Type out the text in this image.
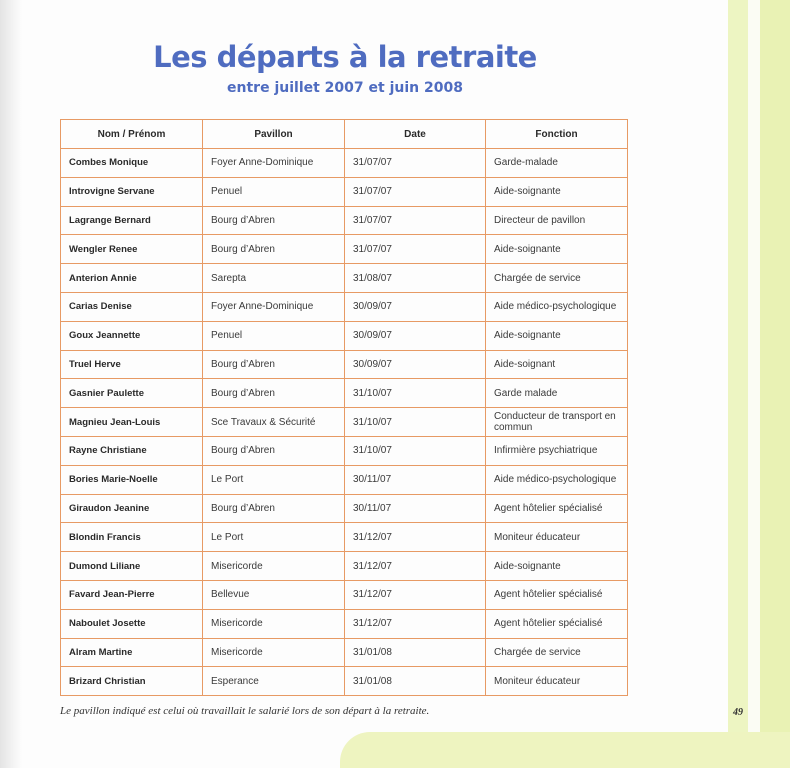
Les départs à la retraite
entre juillet 2007 et juin 2008
Nom / Prénom	Pavillon	Date	Fonction
Combes Monique	Foyer Anne-Dominique	31/07/07	Garde-malade
Introvigne Servane	Penuel	31/07/07	Aide-soignante
Lagrange Bernard	Bourg d’Abren	31/07/07	Directeur de pavillon
Wengler Renee	Bourg d’Abren	31/07/07	Aide-soignante
Anterion Annie	Sarepta	31/08/07	Chargée de service
Carias Denise	Foyer Anne-Dominique	30/09/07	Aide médico-psychologique
Goux Jeannette	Penuel	30/09/07	Aide-soignante
Truel Herve	Bourg d’Abren	30/09/07	Aide-soignant
Gasnier Paulette	Bourg d’Abren	31/10/07	Garde malade
Magnieu Jean-Louis	Sce Travaux & Sécurité	31/10/07	Conducteur de transport en commun
Rayne Christiane	Bourg d’Abren	31/10/07	Infirmière psychiatrique
Bories Marie-Noelle	Le Port	30/11/07	Aide médico-psychologique
Giraudon Jeanine	Bourg d’Abren	30/11/07	Agent hôtelier spécialisé
Blondin Francis	Le Port	31/12/07	Moniteur éducateur
Dumond Liliane	Misericorde	31/12/07	Aide-soignante
Favard Jean-Pierre	Bellevue	31/12/07	Agent hôtelier spécialisé
Naboulet Josette	Misericorde	31/12/07	Agent hôtelier spécialisé
Alram Martine	Misericorde	31/01/08	Chargée de service
Brizard Christian	Esperance	31/01/08	Moniteur éducateur
Le pavillon indiqué est celui où travaillait le salarié lors de son départ à la retraite.	49
